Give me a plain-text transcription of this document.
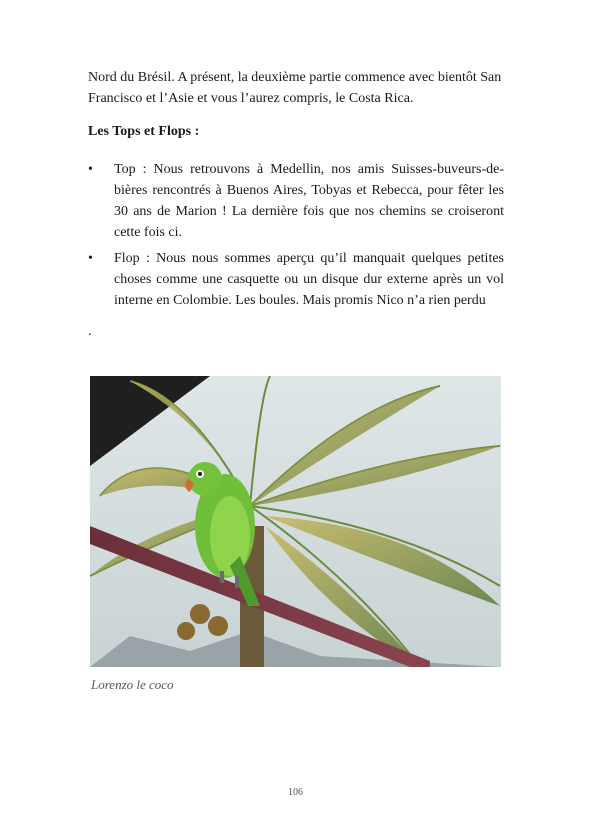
Nord du Brésil. A présent, la deuxième partie commence avec bientôt San Francisco et l’Asie et vous l’aurez compris, le Costa Rica.
Les Tops et Flops :
• Top : Nous retrouvons à Medellin, nos amis Suisses-buveurs-de-bières rencontrés à Buenos Aires, Tobyas et Rebecca, pour fêter les 30 ans de Marion ! La dernière fois que nos chemins se croiseront cette fois ci.
• Flop : Nous nous sommes aperçu qu’il manquait quelques petites choses comme une casquette ou un disque dur externe après un vol interne en Colombie. Les boules. Mais promis Nico n’a rien perdu
.
Lorenzo le coco
106
